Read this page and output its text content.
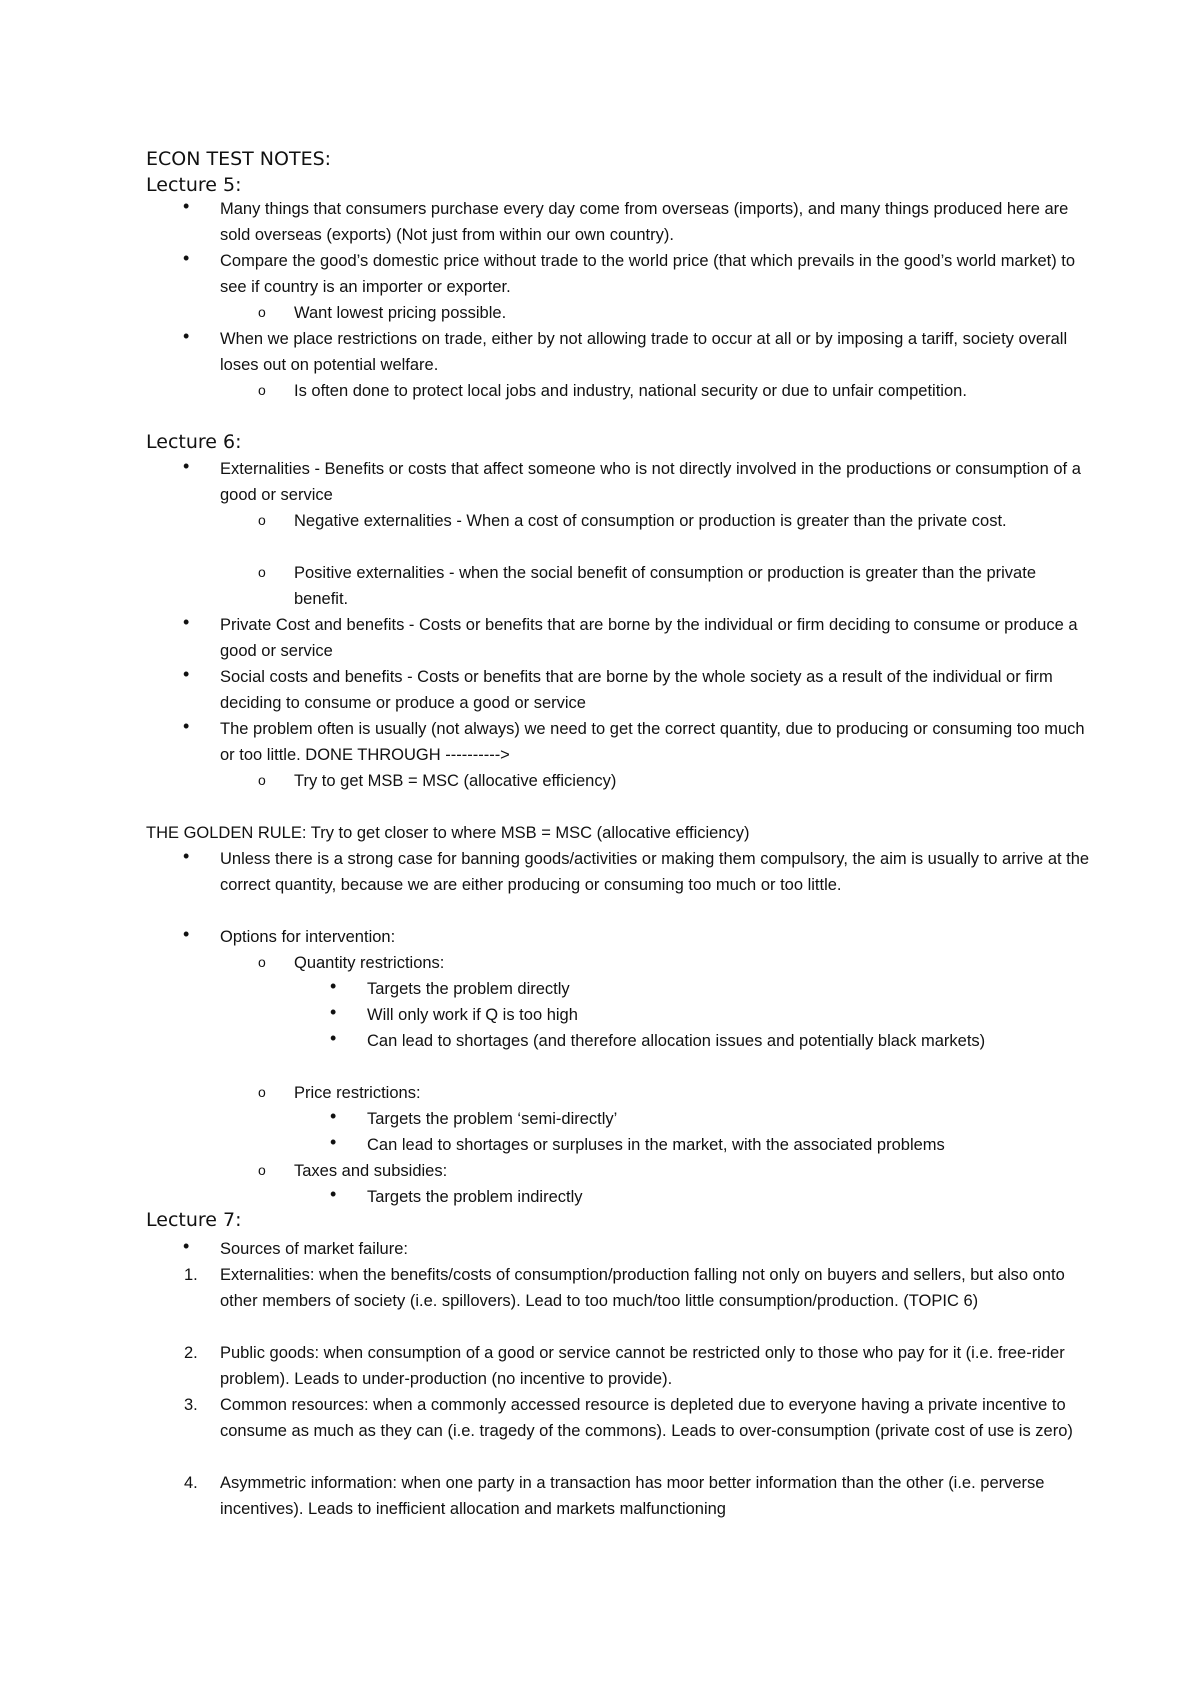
ECON TEST NOTES:
Lecture 5:
• Many things that consumers purchase every day come from overseas (imports), and many things produced here are sold overseas (exports) (Not just from within our own country).
• Compare the good’s domestic price without trade to the world price (that which prevails in the good’s world market) to see if country is an importer or exporter.
o Want lowest pricing possible.
• When we place restrictions on trade, either by not allowing trade to occur at all or by imposing a tariff, society overall loses out on potential welfare.
o Is often done to protect local jobs and industry, national security or due to unfair competition.
Lecture 6:
• Externalities - Benefits or costs that affect someone who is not directly involved in the productions or consumption of a good or service
o Negative externalities - When a cost of consumption or production is greater than the private cost.
o Positive externalities - when the social benefit of consumption or production is greater than the private benefit.
• Private Cost and benefits - Costs or benefits that are borne by the individual or firm deciding to consume or produce a good or service
• Social costs and benefits - Costs or benefits that are borne by the whole society as a result of the individual or firm deciding to consume or produce a good or service
• The problem often is usually (not always) we need to get the correct quantity, due to producing or consuming too much or too little. DONE THROUGH ---------->
o Try to get MSB = MSC (allocative efficiency)
THE GOLDEN RULE: Try to get closer to where MSB = MSC (allocative efficiency)
• Unless there is a strong case for banning goods/activities or making them compulsory, the aim is usually to arrive at the correct quantity, because we are either producing or consuming too much or too little.
• Options for intervention:
o Quantity restrictions:
• Targets the problem directly
• Will only work if Q is too high
• Can lead to shortages (and therefore allocation issues and potentially black markets)
o Price restrictions:
• Targets the problem ‘semi-directly’
• Can lead to shortages or surpluses in the market, with the associated problems
o Taxes and subsidies:
• Targets the problem indirectly
Lecture 7:
• Sources of market failure:
1. Externalities: when the benefits/costs of consumption/production falling not only on buyers and sellers, but also onto other members of society (i.e. spillovers). Lead to too much/too little consumption/production. (TOPIC 6)
2. Public goods: when consumption of a good or service cannot be restricted only to those who pay for it (i.e. free-rider problem). Leads to under-production (no incentive to provide).
3. Common resources: when a commonly accessed resource is depleted due to everyone having a private incentive to consume as much as they can (i.e. tragedy of the commons). Leads to over-consumption (private cost of use is zero)
4. Asymmetric information: when one party in a transaction has moor better information than the other (i.e. perverse incentives). Leads to inefficient allocation and markets malfunctioning
